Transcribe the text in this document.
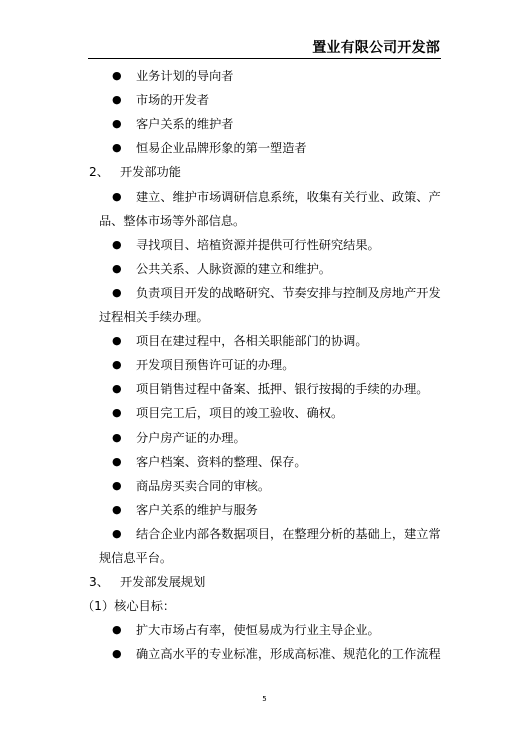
置业有限公司开发部
● 业务计划的导向者
● 市场的开发者
● 客户关系的维护者
● 恒易企业品牌形象的第一塑造者
2、 开发部功能
● 建立、维护市场调研信息系统，收集有关行业、政策、产
品、整体市场等外部信息。
● 寻找项目、培植资源并提供可行性研究结果。
● 公共关系、人脉资源的建立和维护。
● 负责项目开发的战略研究、节奏安排与控制及房地产开发
过程相关手续办理。
● 项目在建过程中，各相关职能部门的协调。
● 开发项目预售许可证的办理。
● 项目销售过程中备案、抵押、银行按揭的手续的办理。
● 项目完工后，项目的竣工验收、确权。
● 分户房产证的办理。
● 客户档案、资料的整理、保存。
● 商品房买卖合同的审核。
● 客户关系的维护与服务
● 结合企业内部各数据项目，在整理分析的基础上，建立常
规信息平台。
3、 开发部发展规划
（1）核心目标：
● 扩大市场占有率，使恒易成为行业主导企业。
● 确立高水平的专业标准，形成高标准、规范化的工作流程
5
